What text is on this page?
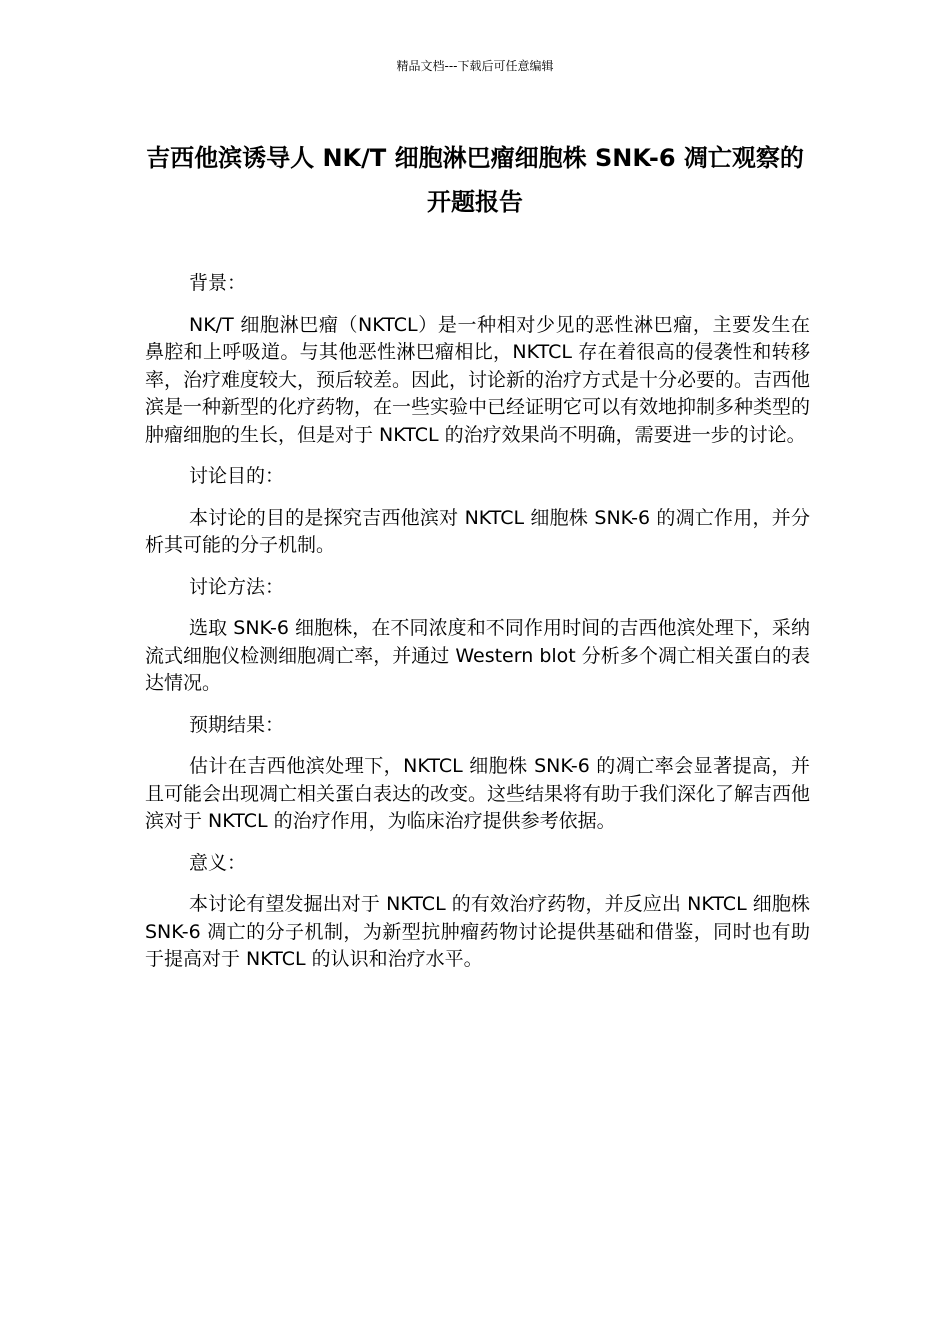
精品文档---下载后可任意编辑
吉西他滨诱导人 NK/T 细胞淋巴瘤细胞株 SNK-6 凋亡观察的开题报告

背景：

NK/T 细胞淋巴瘤（NKTCL）是一种相对少见的恶性淋巴瘤，主要发生在鼻腔和上呼吸道。与其他恶性淋巴瘤相比，NKTCL 存在着很高的侵袭性和转移率，治疗难度较大，预后较差。因此，讨论新的治疗方式是十分必要的。吉西他滨是一种新型的化疗药物，在一些实验中已经证明它可以有效地抑制多种类型的肿瘤细胞的生长，但是对于 NKTCL 的治疗效果尚不明确，需要进一步的讨论。

讨论目的：

本讨论的目的是探究吉西他滨对 NKTCL 细胞株 SNK-6 的凋亡作用，并分析其可能的分子机制。

讨论方法：

选取 SNK-6 细胞株，在不同浓度和不同作用时间的吉西他滨处理下，采纳流式细胞仪检测细胞凋亡率，并通过 Western blot 分析多个凋亡相关蛋白的表达情况。

预期结果：

估计在吉西他滨处理下，NKTCL 细胞株 SNK-6 的凋亡率会显著提高，并且可能会出现凋亡相关蛋白表达的改变。这些结果将有助于我们深化了解吉西他滨对于 NKTCL 的治疗作用，为临床治疗提供参考依据。

意义：

本讨论有望发掘出对于 NKTCL 的有效治疗药物，并反应出 NKTCL 细胞株 SNK-6 凋亡的分子机制，为新型抗肿瘤药物讨论提供基础和借鉴，同时也有助于提高对于 NKTCL 的认识和治疗水平。
